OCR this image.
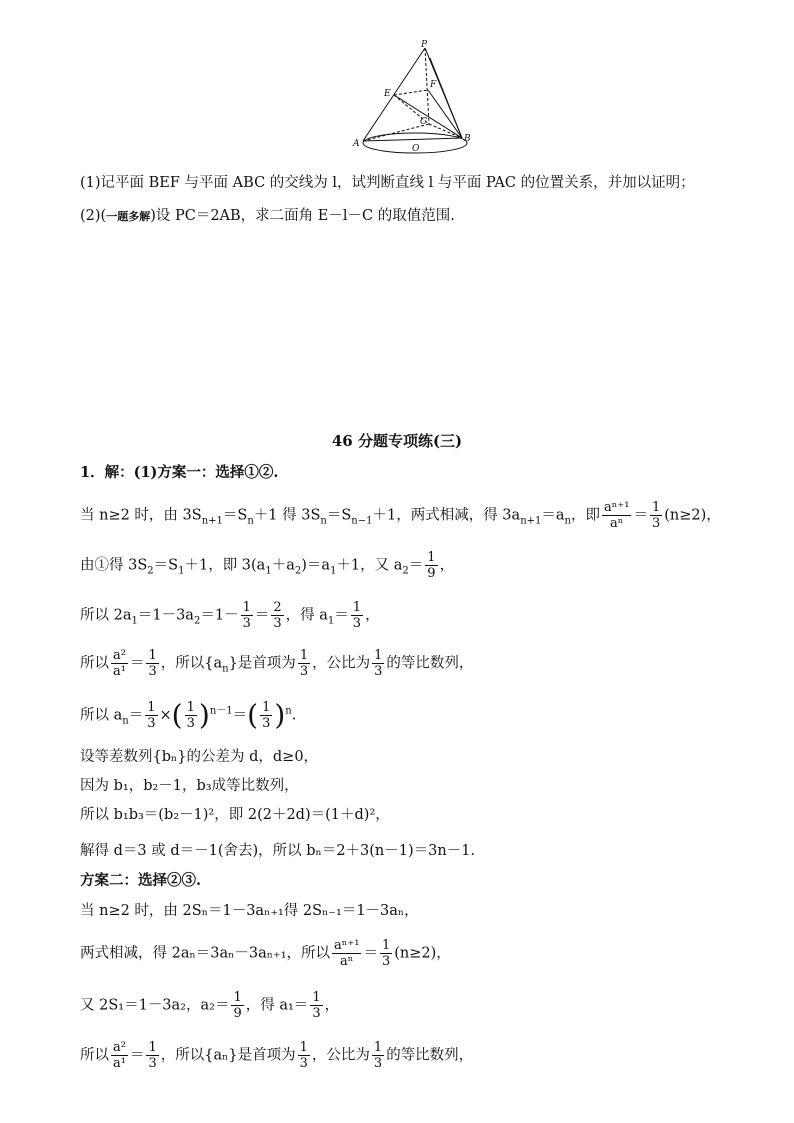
P
E
F
C
A	B
O
(1)记平面 BEF 与平面 ABC 的交线为 l，试判断直线 l 与平面 PAC 的位置关系，并加以证明；
(2)(一题多解)设 PC＝2AB，求二面角 E－l－C 的取值范围.
46 分题专项练(三)
1．解：(1)方案一：选择①②.
当 n≥2 时，由 $3S_{n+1}=S_n+1$ 得 $3S_n=S_{n-1}+1$，两式相减，得 $3a_{n+1}=a_n$，即 $\frac{\text{aⁿ⁺¹}}{\text{aⁿ}} = \frac{1}{3} (n\ge 2)$，
由①得 $3S_2=S_1+1$，即 $3(a_1+a_2)=a_1+1$，又 $a_2= \frac{1}{9}$ ，
所以 $2a_1=1-3a_2=1- \frac{1}{3} = \frac{2}{3}$ ，得 $a_1= \frac{1}{3}$ ，
所以 $\frac{\text{a²}}{\text{a¹}} = \frac{1}{3}$ ，所以$\{a_n\}$是首项为 $\frac{1}{3}$ ，公比为 $\frac{1}{3}$ 的等比数列，
所以 $a_n= \frac{1}{3}$ ×( $\frac{1}{3} )^{n-1}=( \frac{1}{3} )^n$.
设等差数列{bₙ}的公差为 d，d≥0，
因为 b₁，b₂－1，b₃成等比数列，
所以 b₁b₃＝(b₂－1)²，即 2(2＋2d)＝(1＋d)²，
解得 d＝3 或 d＝－1(舍去)，所以 bₙ＝2＋3(n－1)＝3n－1.
方案二：选择②③.
当 n≥2 时，由 2Sₙ＝1－3aₙ₊₁得 2Sₙ₋₁＝1－3aₙ，
两式相减，得 2aₙ＝3aₙ－3aₙ₊₁，所以 $\frac{\text{aⁿ⁺¹}}{\text{aⁿ}} = \frac{1}{3} (n\ge 2)$，
又 2S₁＝1－3a₂，$a_2= \frac{1}{9}$ ，得 $a_1= \frac{1}{3}$ ，
所以 $\frac{\text{a²}}{\text{a¹}} = \frac{1}{3}$ ，所以{aₙ}是首项为 $\frac{1}{3}$ ，公比为 $\frac{1}{3}$ 的等比数列，
